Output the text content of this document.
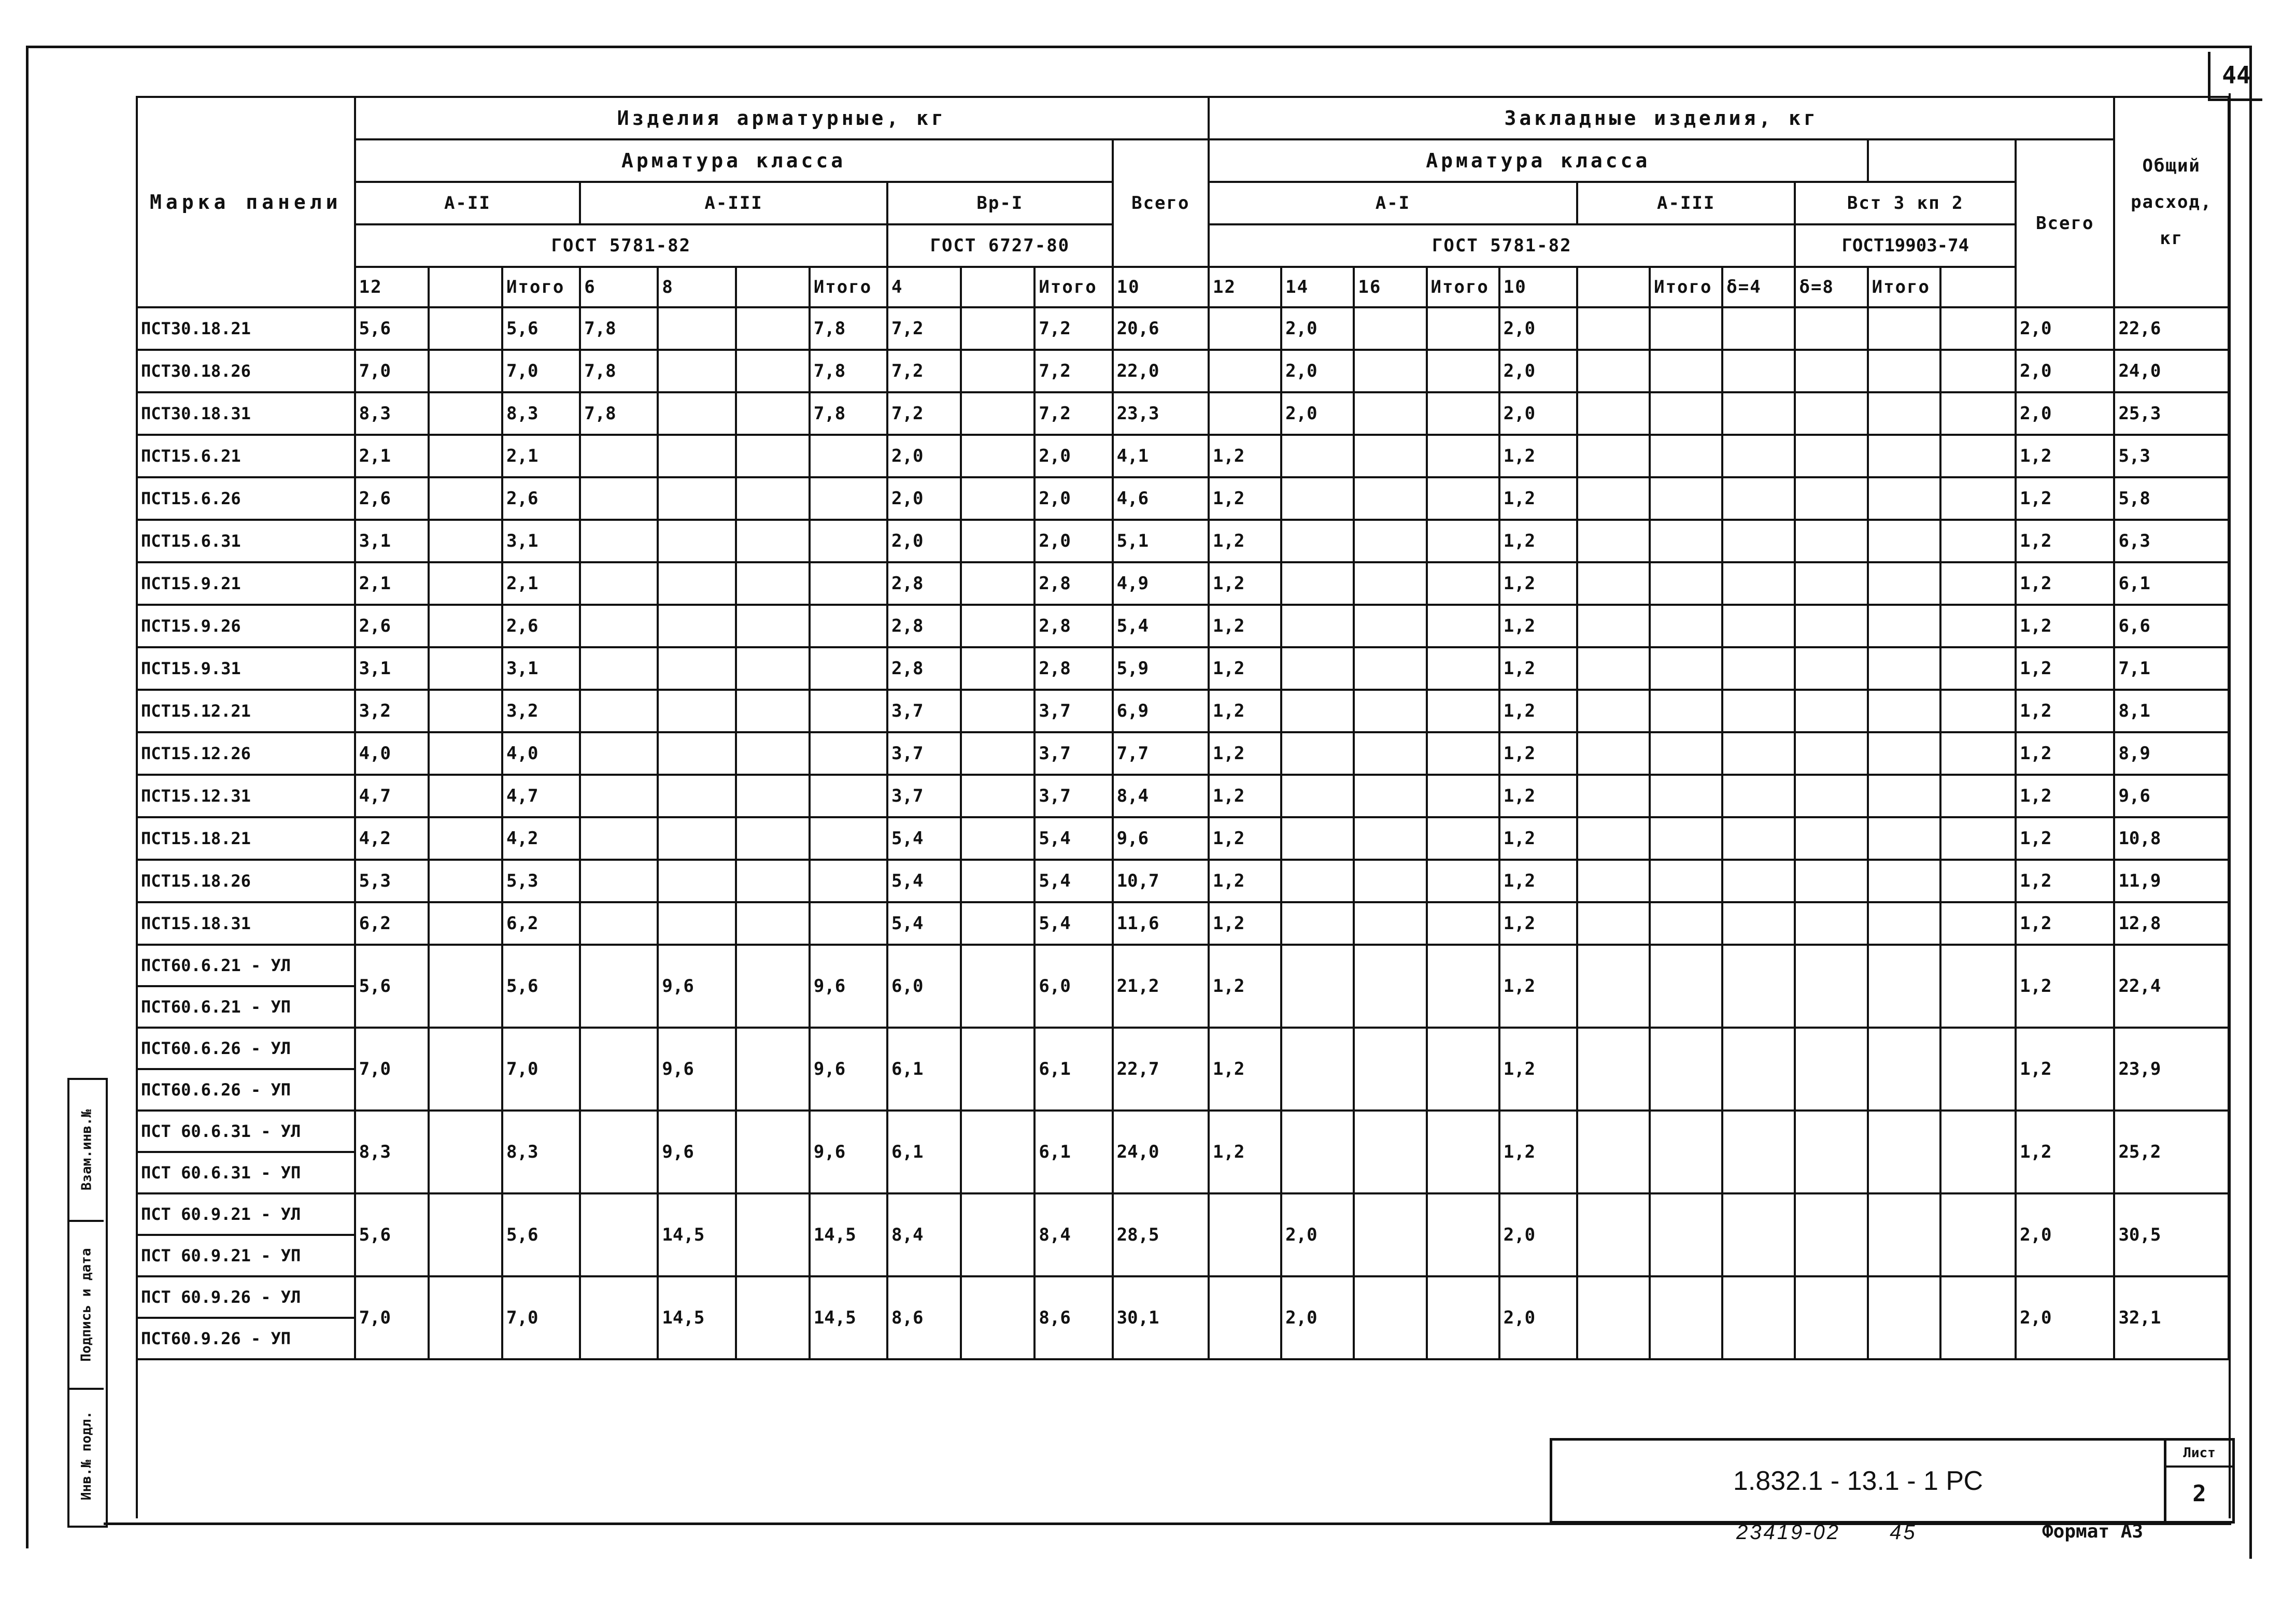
44
Марка панели	Изделия арматурные, кг											Закладные изделия, кг												Общий расход, кг
	Арматура класса										Всего	Арматура класса											Всего	
	А-II			А-III				Вр-I				А-I					А-III			Вст 3 кп 2				
	ГОСТ 5781-82							ГОСТ 6727-80				ГОСТ 5781-82								ГОСТ19903-74				
	12		Итого	6	8		Итого	4		Итого	10	12	14	16	Итого	10		Итого	δ=4	δ=8	Итого			
ПСТ30.18.21	5,6		5,6	7,8			7,8	7,2		7,2	20,6		2,0			2,0							2,0	22,6
ПСТ30.18.26	7,0		7,0	7,8			7,8	7,2		7,2	22,0		2,0			2,0							2,0	24,0
ПСТ30.18.31	8,3		8,3	7,8			7,8	7,2		7,2	23,3		2,0			2,0							2,0	25,3
ПСТ15.6.21	2,1		2,1					2,0		2,0	4,1	1,2				1,2							1,2	5,3
ПСТ15.6.26	2,6		2,6					2,0		2,0	4,6	1,2				1,2							1,2	5,8
ПСТ15.6.31	3,1		3,1					2,0		2,0	5,1	1,2				1,2							1,2	6,3
ПСТ15.9.21	2,1		2,1					2,8		2,8	4,9	1,2				1,2							1,2	6,1
ПСТ15.9.26	2,6		2,6					2,8		2,8	5,4	1,2				1,2							1,2	6,6
ПСТ15.9.31	3,1		3,1					2,8		2,8	5,9	1,2				1,2							1,2	7,1
ПСТ15.12.21	3,2		3,2					3,7		3,7	6,9	1,2				1,2							1,2	8,1
ПСТ15.12.26	4,0		4,0					3,7		3,7	7,7	1,2				1,2							1,2	8,9
ПСТ15.12.31	4,7		4,7					3,7		3,7	8,4	1,2				1,2							1,2	9,6
ПСТ15.18.21	4,2		4,2					5,4		5,4	9,6	1,2				1,2							1,2	10,8
ПСТ15.18.26	5,3		5,3					5,4		5,4	10,7	1,2				1,2							1,2	11,9
ПСТ15.18.31	6,2		6,2					5,4		5,4	11,6	1,2				1,2							1,2	12,8
ПСТ60.6.21 - УЛ	5,6		5,6		9,6		9,6	6,0		6,0	21,2	1,2				1,2							1,2	22,4
ПСТ60.6.21 - УП																								
ПСТ60.6.26 - УЛ	7,0		7,0		9,6		9,6	6,1		6,1	22,7	1,2				1,2							1,2	23,9
ПСТ60.6.26 - УП																								
ПСТ 60.6.31 - УЛ	8,3		8,3		9,6		9,6	6,1		6,1	24,0	1,2				1,2							1,2	25,2
ПСТ 60.6.31 - УП																								
ПСТ 60.9.21 - УЛ	5,6		5,6		14,5		14,5	8,4		8,4	28,5		2,0			2,0							2,0	30,5
ПСТ 60.9.21 - УП																								
ПСТ 60.9.26 - УЛ	7,0		7,0		14,5		14,5	8,6		8,6	30,1		2,0			2,0							2,0	32,1
ПСТ60.9.26 - УП																								

Взам.инв.№
Подпись и дата
Инв.№ подл.	1.832.1 - 13.1 - 1 РС
Лист
2
23419-02 45	Формат А3
